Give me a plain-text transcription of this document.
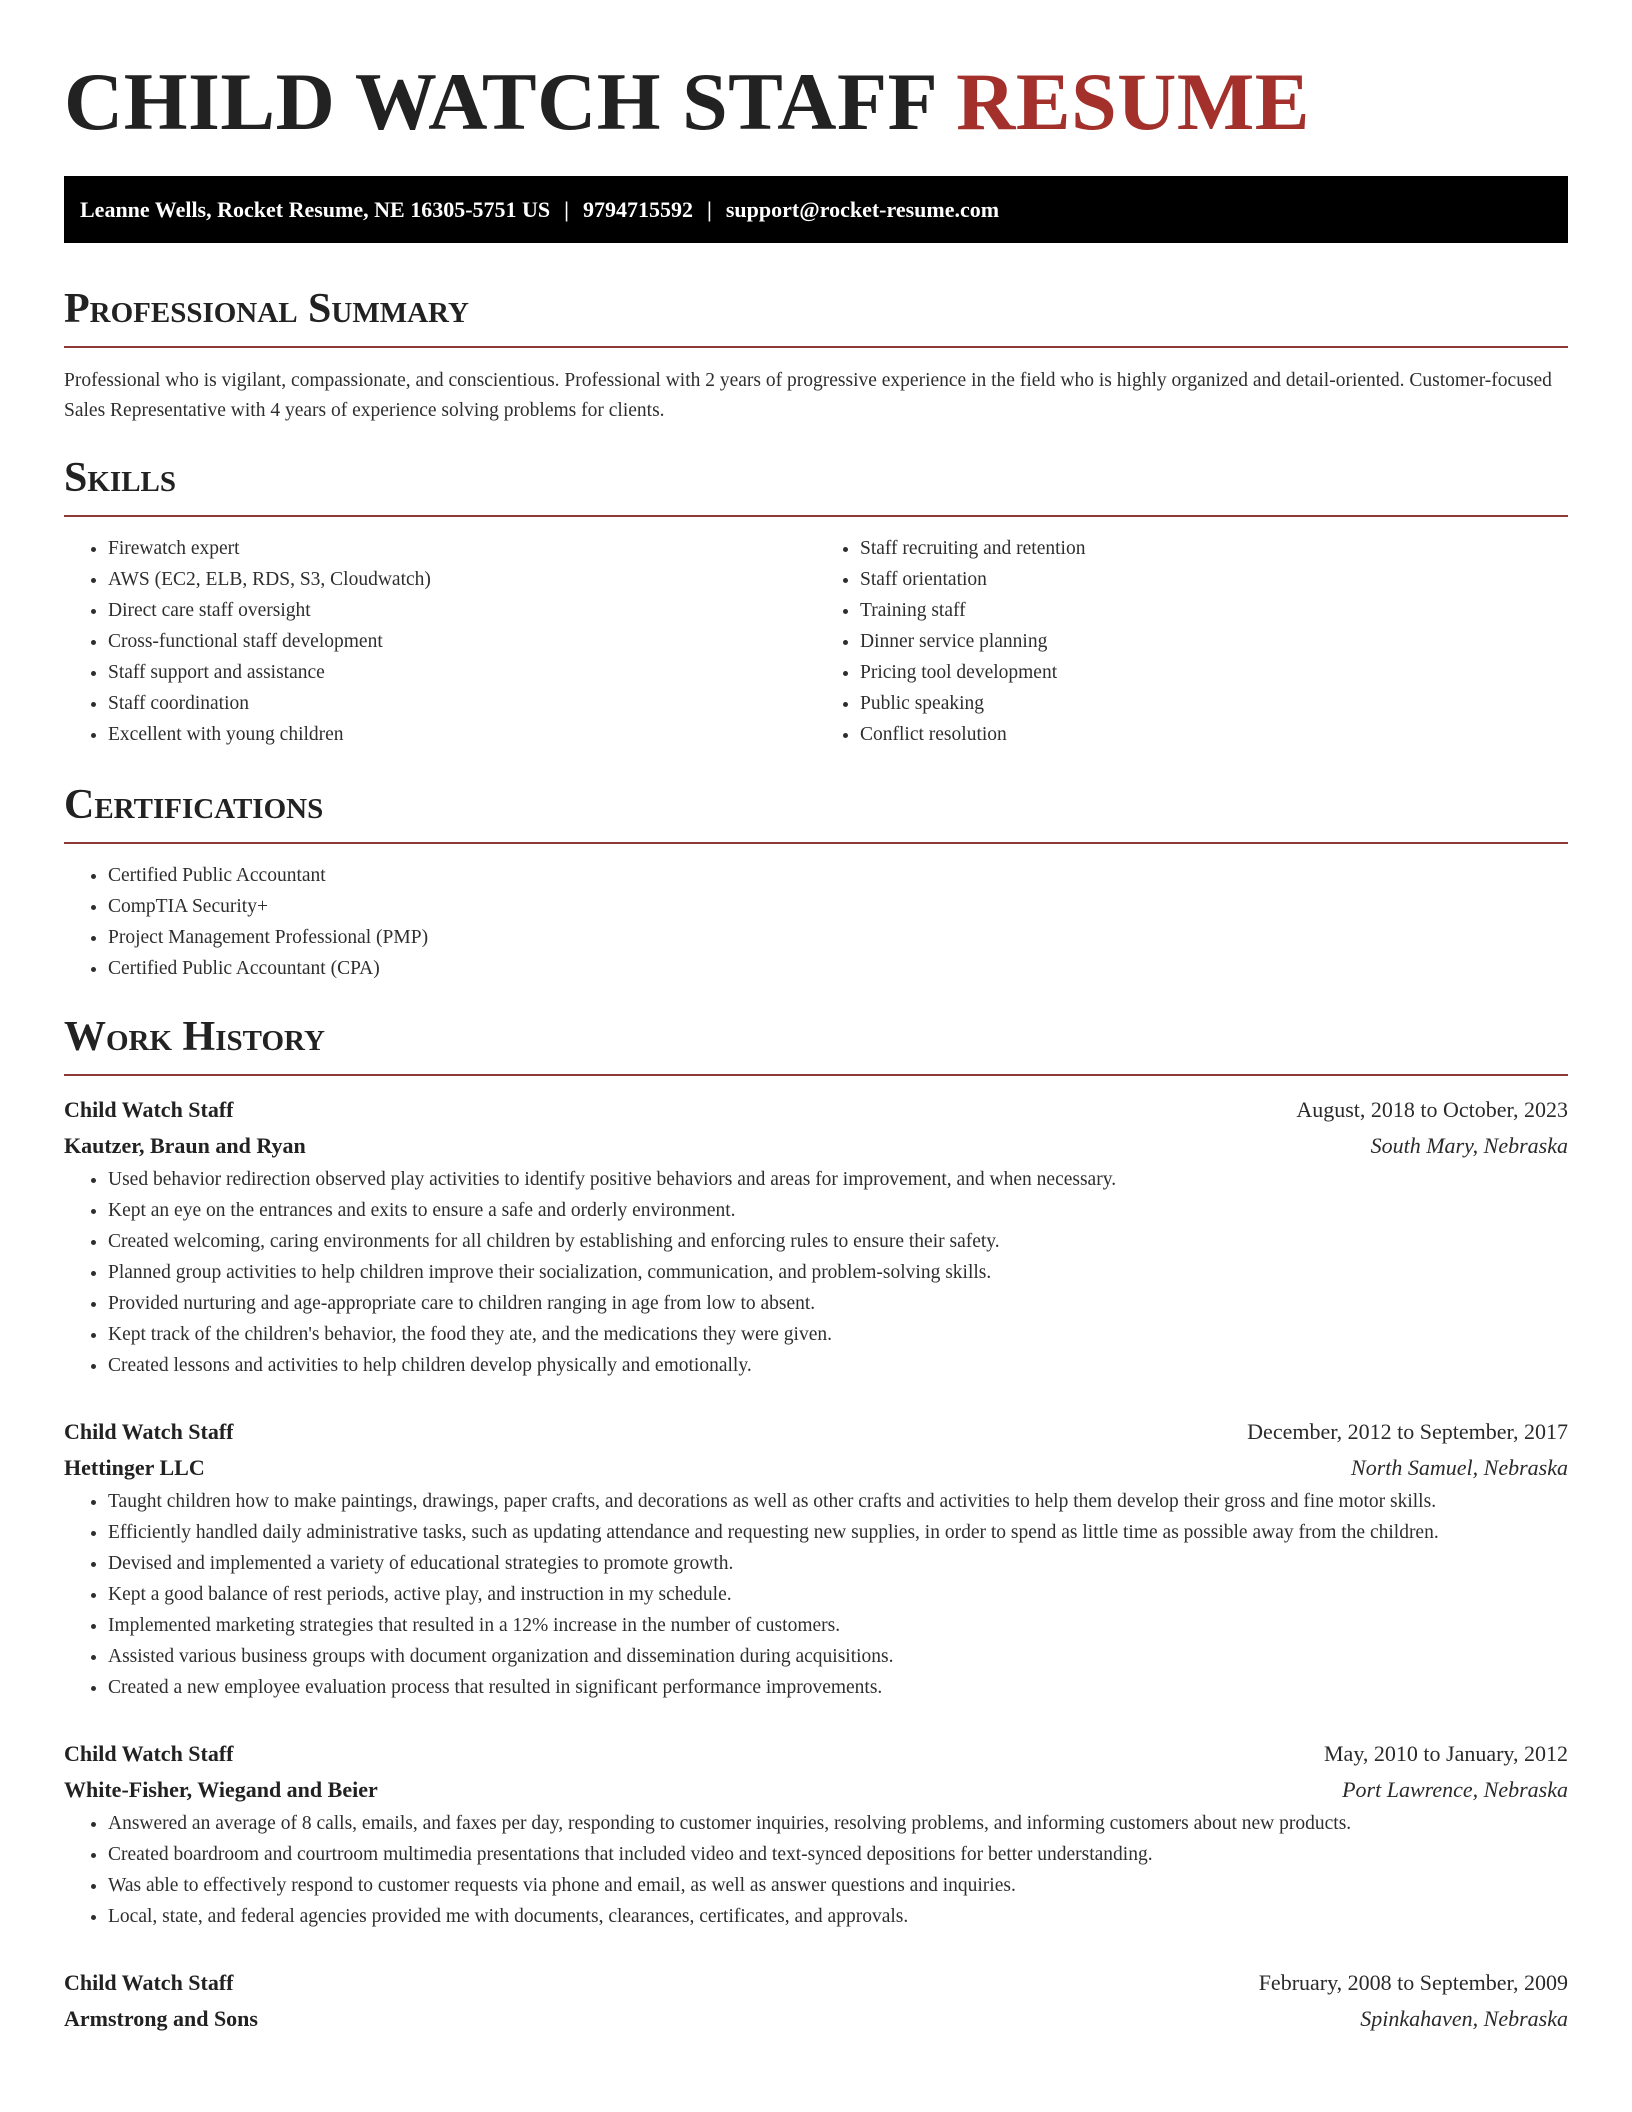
CHILD WATCH STAFF RESUME
Leanne Wells, Rocket Resume, NE 16305-5751 US | 9794715592 | support@rocket-resume.com
Professional Summary

Professional who is vigilant, compassionate, and conscientious. Professional with 2 years of progressive experience in the field who is highly organized and detail-oriented. Customer-focused Sales Representative with 4 years of experience solving problems for clients.

Skills
• Firewatch expert
• AWS (EC2, ELB, RDS, S3, Cloudwatch)
• Direct care staff oversight
• Cross-functional staff development
• Staff support and assistance
• Staff coordination
• Excellent with young children
• Staff recruiting and retention
• Staff orientation
• Training staff
• Dinner service planning
• Pricing tool development
• Public speaking
• Conflict resolution
Certifications
• Certified Public Accountant
• CompTIA Security+
• Project Management Professional (PMP)
• Certified Public Accountant (CPA)
Work History
Child Watch Staff	August, 2018 to October, 2023
Kautzer, Braun and Ryan	South Mary, Nebraska
• Used behavior redirection observed play activities to identify positive behaviors and areas for improvement, and when necessary.
• Kept an eye on the entrances and exits to ensure a safe and orderly environment.
• Created welcoming, caring environments for all children by establishing and enforcing rules to ensure their safety.
• Planned group activities to help children improve their socialization, communication, and problem-solving skills.
• Provided nurturing and age-appropriate care to children ranging in age from low to absent.
• Kept track of the children's behavior, the food they ate, and the medications they were given.
• Created lessons and activities to help children develop physically and emotionally.
Child Watch Staff	December, 2012 to September, 2017
Hettinger LLC	North Samuel, Nebraska
• Taught children how to make paintings, drawings, paper crafts, and decorations as well as other crafts and activities to help them develop their gross and fine motor skills.
• Efficiently handled daily administrative tasks, such as updating attendance and requesting new supplies, in order to spend as little time as possible away from the children.
• Devised and implemented a variety of educational strategies to promote growth.
• Kept a good balance of rest periods, active play, and instruction in my schedule.
• Implemented marketing strategies that resulted in a 12% increase in the number of customers.
• Assisted various business groups with document organization and dissemination during acquisitions.
• Created a new employee evaluation process that resulted in significant performance improvements.
Child Watch Staff	May, 2010 to January, 2012
White-Fisher, Wiegand and Beier	Port Lawrence, Nebraska
• Answered an average of 8 calls, emails, and faxes per day, responding to customer inquiries, resolving problems, and informing customers about new products.
• Created boardroom and courtroom multimedia presentations that included video and text-synced depositions for better understanding.
• Was able to effectively respond to customer requests via phone and email, as well as answer questions and inquiries.
• Local, state, and federal agencies provided me with documents, clearances, certificates, and approvals.
Child Watch Staff	February, 2008 to September, 2009
Armstrong and Sons	Spinkahaven, Nebraska
